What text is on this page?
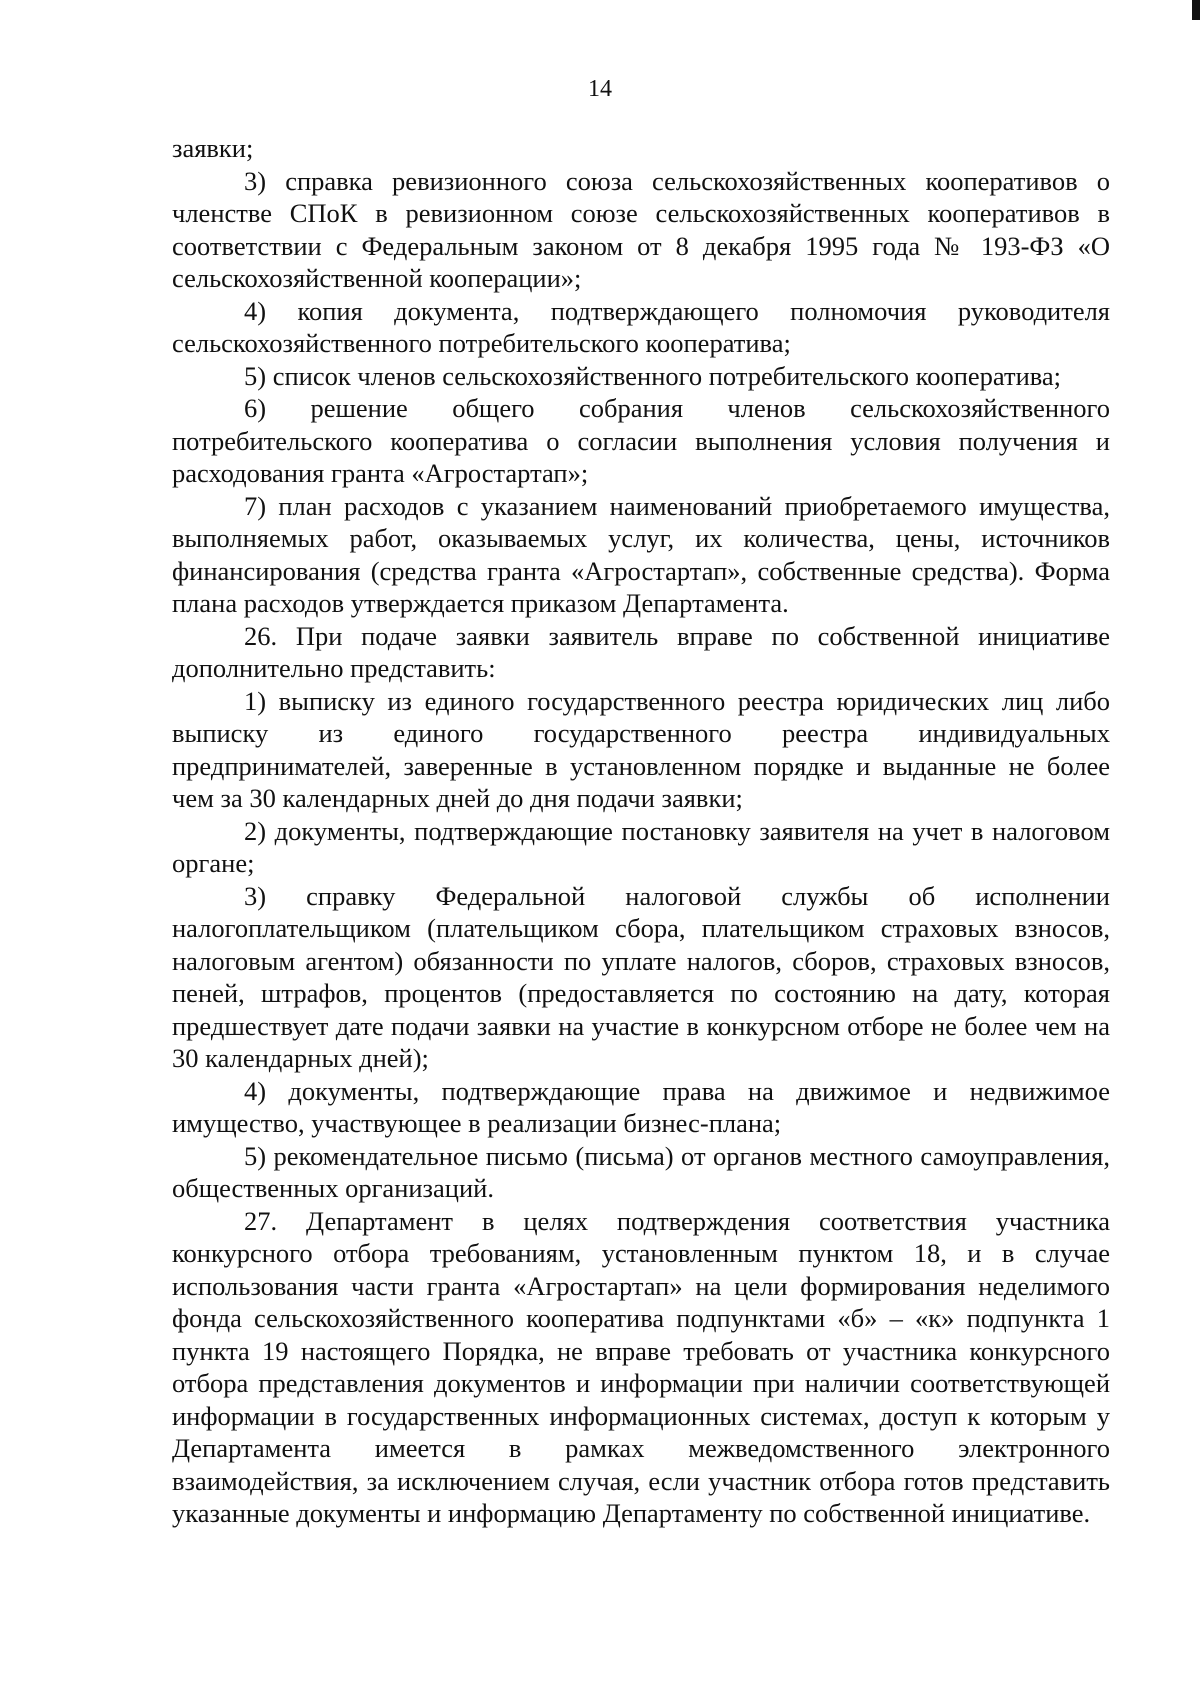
14

заявки;

3) справка ревизионного союза сельскохозяйственных кооперативов о членстве СПоК в ревизионном союзе сельскохозяйственных кооперативов в соответствии с Федеральным законом от 8 декабря 1995 года № 193-ФЗ «О сельскохозяйственной кооперации»;

4) копия документа, подтверждающего полномочия руководителя сельскохозяйственного потребительского кооператива;

5) список членов сельскохозяйственного потребительского кооператива;

6) решение общего собрания членов сельскохозяйственного потребительского кооператива о согласии выполнения условия получения и расходования гранта «Агростартап»;

7) план расходов с указанием наименований приобретаемого имущества, выполняемых работ, оказываемых услуг, их количества, цены, источников финансирования (средства гранта «Агростартап», собственные средства). Форма плана расходов утверждается приказом Департамента.

26. При подаче заявки заявитель вправе по собственной инициативе дополнительно представить:

1) выписку из единого государственного реестра юридических лиц либо выписку из единого государственного реестра индивидуальных предпринимателей, заверенные в установленном порядке и выданные не более чем за 30 календарных дней до дня подачи заявки;

2) документы, подтверждающие постановку заявителя на учет в налоговом органе;

3) справку Федеральной налоговой службы об исполнении налогоплательщиком (плательщиком сбора, плательщиком страховых взносов, налоговым агентом) обязанности по уплате налогов, сборов, страховых взносов, пеней, штрафов, процентов (предоставляется по состоянию на дату, которая предшествует дате подачи заявки на участие в конкурсном отборе не более чем на 30 календарных дней);

4) документы, подтверждающие права на движимое и недвижимое имущество, участвующее в реализации бизнес-плана;

5) рекомендательное письмо (письма) от органов местного самоуправления, общественных организаций.

27. Департамент в целях подтверждения соответствия участника конкурсного отбора требованиям, установленным пунктом 18, и в случае использования части гранта «Агростартап» на цели формирования неделимого фонда сельскохозяйственного кооператива подпунктами «б» – «к» подпункта 1 пункта 19 настоящего Порядка, не вправе требовать от участника конкурсного отбора представления документов и информации при наличии соответствующей информации в государственных информационных системах, доступ к которым у Департамента имеется в рамках межведомственного электронного взаимодействия, за исключением случая, если участник отбора готов представить указанные документы и информацию Департаменту по собственной инициативе.
